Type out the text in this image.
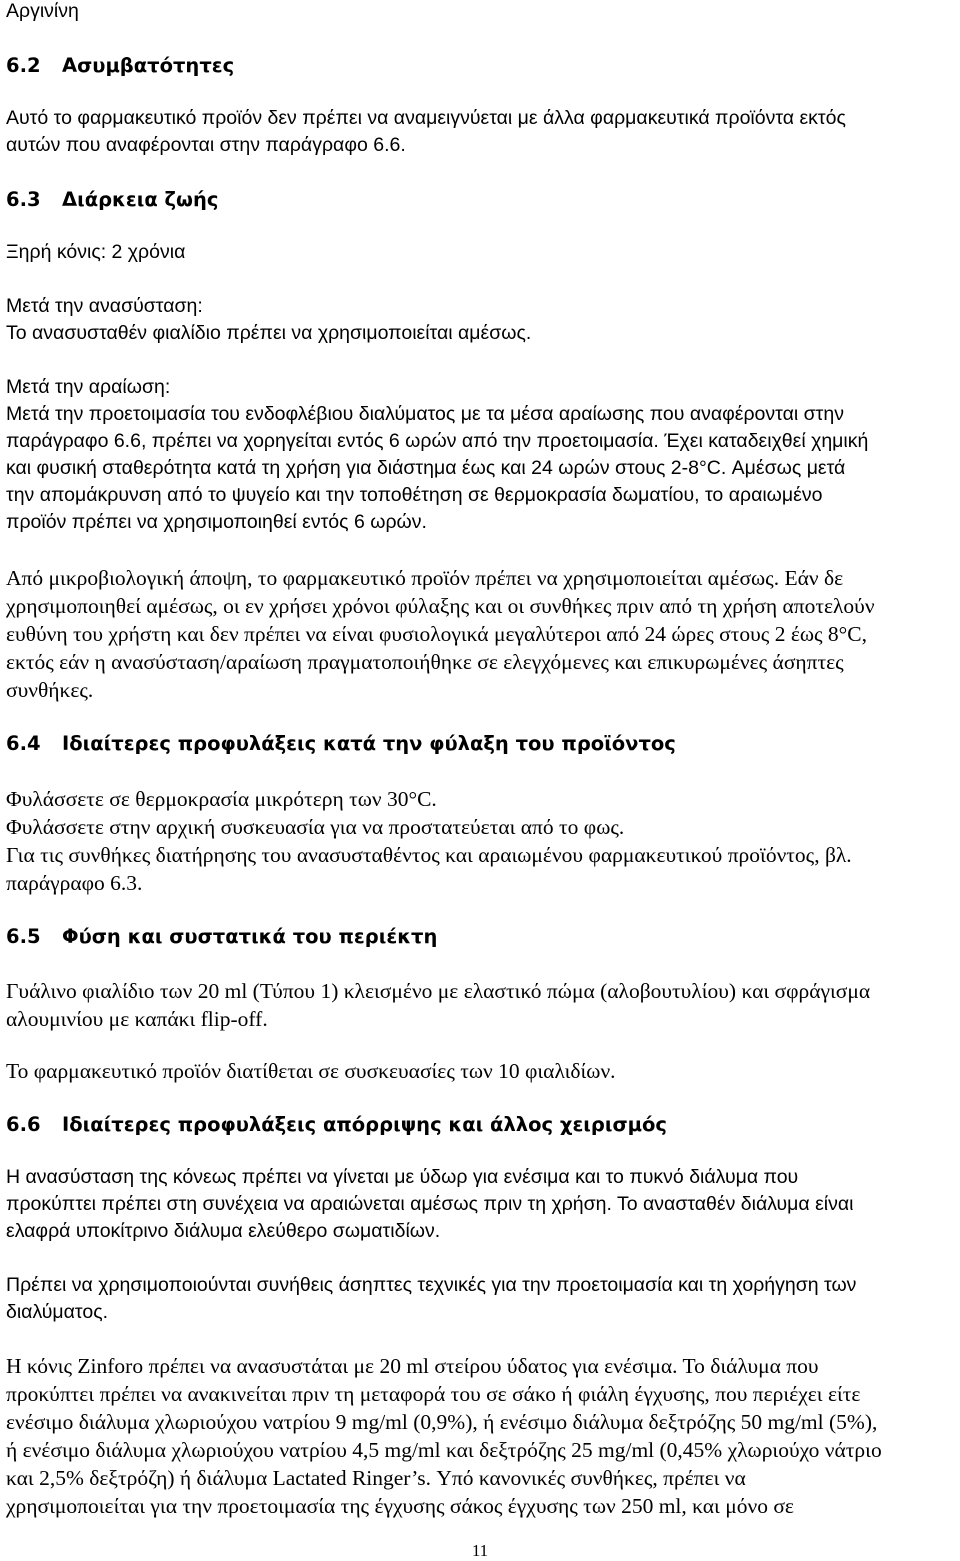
Αργινίνη
6.2 Ασυμβατότητες
Αυτό το φαρμακευτικό προϊόν δεν πρέπει να αναμειγνύεται με άλλα φαρμακευτικά προϊόντα εκτός
αυτών που αναφέρονται στην παράγραφο 6.6.
6.3 Διάρκεια ζωής
Ξηρή κόνις: 2 χρόνια
Μετά την ανασύσταση:
Το ανασυσταθέν φιαλίδιο πρέπει να χρησιμοποιείται αμέσως.
Μετά την αραίωση:
Μετά την προετοιμασία του ενδοφλέβιου διαλύματος με τα μέσα αραίωσης που αναφέρονται στην
παράγραφο 6.6, πρέπει να χορηγείται εντός 6 ωρών από την προετοιμασία. Έχει καταδειχθεί χημική
και φυσική σταθερότητα κατά τη χρήση για διάστημα έως και 24 ωρών στους 2-8°C. Αμέσως μετά
την απομάκρυνση από το ψυγείο και την τοποθέτηση σε θερμοκρασία δωματίου, το αραιωμένο
προϊόν πρέπει να χρησιμοποιηθεί εντός 6 ωρών.
Από μικροβιολογική άποψη, το φαρμακευτικό προϊόν πρέπει να χρησιμοποιείται αμέσως. Εάν δε
χρησιμοποιηθεί αμέσως, οι εν χρήσει χρόνοι φύλαξης και οι συνθήκες πριν από τη χρήση αποτελούν
ευθύνη του χρήστη και δεν πρέπει να είναι φυσιολογικά μεγαλύτεροι από 24 ώρες στους 2 έως 8°C,
εκτός εάν η ανασύσταση/αραίωση πραγματοποιήθηκε σε ελεγχόμενες και επικυρωμένες άσηπτες
συνθήκες.
6.4 Ιδιαίτερες προφυλάξεις κατά την φύλαξη του προϊόντος
Φυλάσσετε σε θερμοκρασία μικρότερη των 30°C.
Φυλάσσετε στην αρχική συσκευασία για να προστατεύεται από το φως.
Για τις συνθήκες διατήρησης του ανασυσταθέντος και αραιωμένου φαρμακευτικού προϊόντος, βλ.
παράγραφο 6.3.
6.5 Φύση και συστατικά του περιέκτη
Γυάλινο φιαλίδιο των 20 ml (Τύπου 1) κλεισμένο με ελαστικό πώμα (αλοβουτυλίου) και σφράγισμα
αλουμινίου με καπάκι flip-off.
Το φαρμακευτικό προϊόν διατίθεται σε συσκευασίες των 10 φιαλιδίων.
6.6 Ιδιαίτερες προφυλάξεις απόρριψης και άλλος χειρισμός
Η ανασύσταση της κόνεως πρέπει να γίνεται με ύδωρ για ενέσιμα και το πυκνό διάλυμα που
προκύπτει πρέπει στη συνέχεια να αραιώνεται αμέσως πριν τη χρήση. Το ανασταθέν διάλυμα είναι
ελαφρά υποκίτρινο διάλυμα ελεύθερο σωματιδίων.
Πρέπει να χρησιμοποιούνται συνήθεις άσηπτες τεχνικές για την προετοιμασία και τη χορήγηση των
διαλύματος.
Η κόνις Zinforo πρέπει να ανασυστάται με 20 ml στείρου ύδατος για ενέσιμα. Το διάλυμα που
προκύπτει πρέπει να ανακινείται πριν τη μεταφορά του σε σάκο ή φιάλη έγχυσης, που περιέχει είτε
ενέσιμο διάλυμα χλωριούχου νατρίου 9 mg/ml (0,9%), ή ενέσιμο διάλυμα δεξτρόζης 50 mg/ml (5%),
ή ενέσιμο διάλυμα χλωριούχου νατρίου 4,5 mg/ml και δεξτρόζης 25 mg/ml (0,45% χλωριούχο νάτριο
και 2,5% δεξτρόζη) ή διάλυμα Lactated Ringer’s. Υπό κανονικές συνθήκες, πρέπει να
χρησιμοποιείται για την προετοιμασία της έγχυσης σάκος έγχυσης των 250 ml, και μόνο σε
11
